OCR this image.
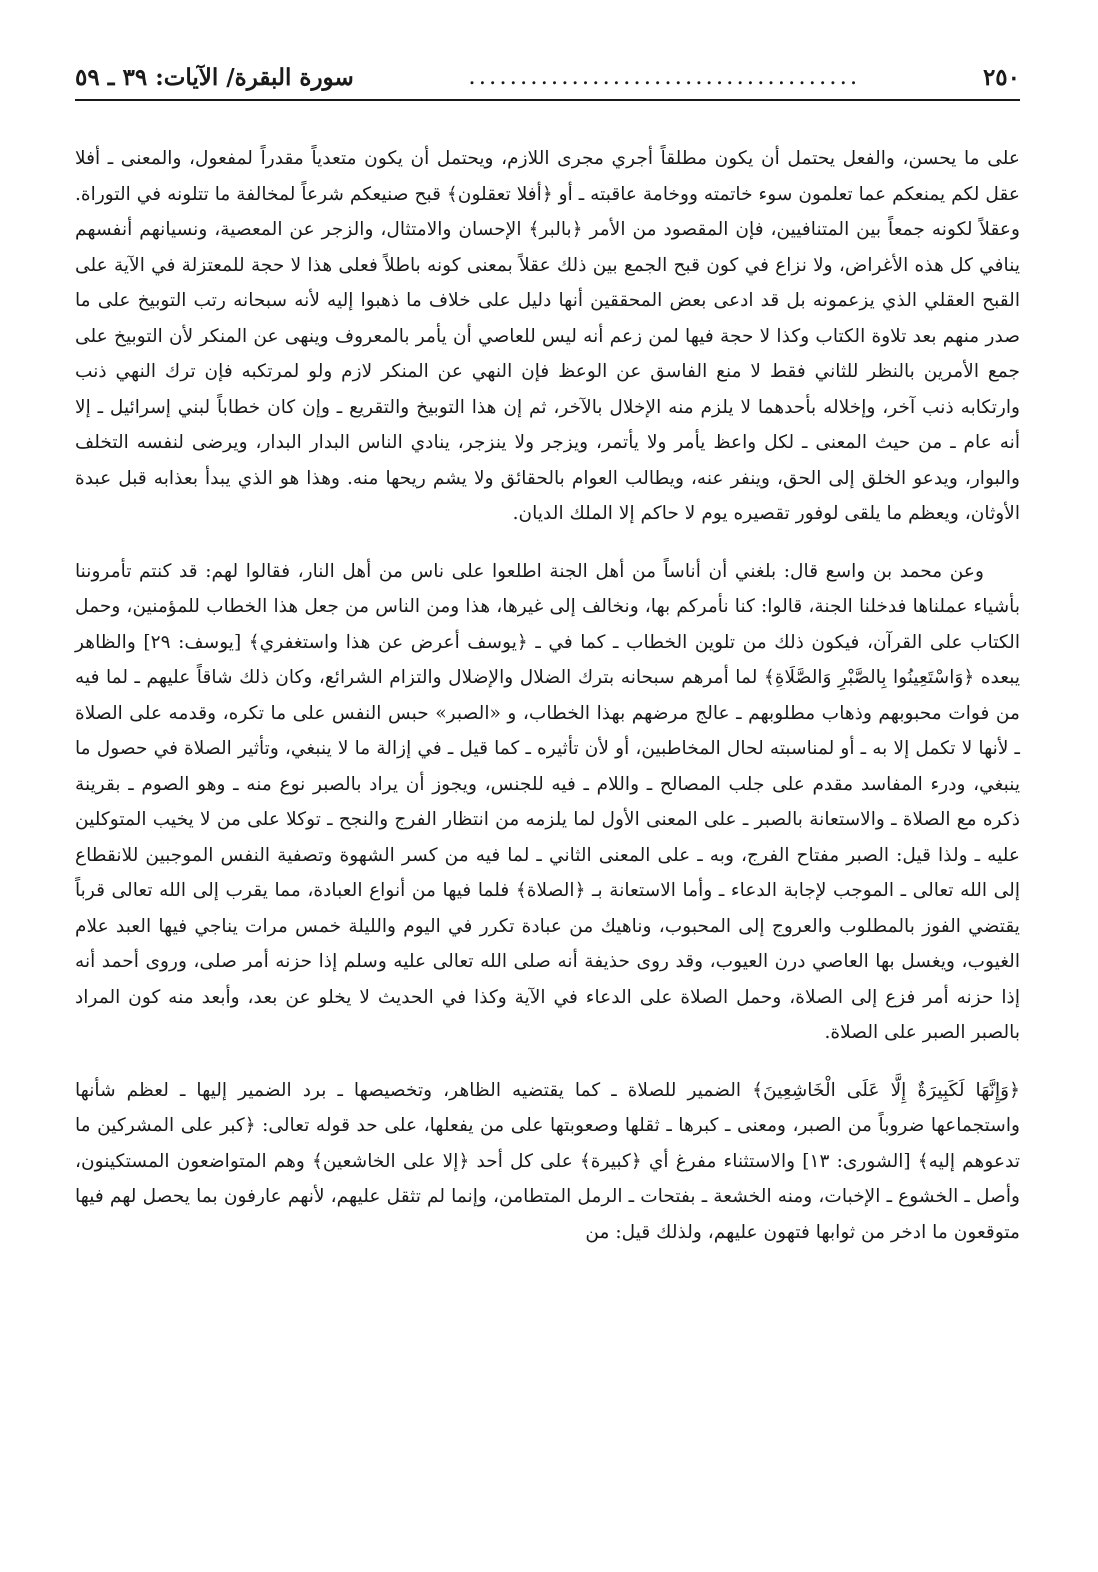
٢٥٠
......................................
سورة البقرة/ الآيات: ٣٩ ـ ٥٩

على ما يحسن، والفعل يحتمل أن يكون مطلقاً أجري مجرى اللازم، ويحتمل أن يكون متعدياً مقدراً لمفعول، والمعنى ـ أفلا عقل لكم يمنعكم عما تعلمون سوء خاتمته ووخامة عاقبته ـ أو ﴿أفلا تعقلون﴾ قبح صنيعكم شرعاً لمخالفة ما تتلونه في التوراة. وعقلاً لكونه جمعاً بين المتنافيين، فإن المقصود من الأمر ﴿بالبر﴾ الإحسان والامتثال، والزجر عن المعصية، ونسيانهم أنفسهم ينافي كل هذه الأغراض، ولا نزاع في كون قبح الجمع بين ذلك عقلاً بمعنى كونه باطلاً فعلى هذا لا حجة للمعتزلة في الآية على القبح العقلي الذي يزعمونه بل قد ادعى بعض المحققين أنها دليل على خلاف ما ذهبوا إليه لأنه سبحانه رتب التوبيخ على ما صدر منهم بعد تلاوة الكتاب وكذا لا حجة فيها لمن زعم أنه ليس للعاصي أن يأمر بالمعروف وينهى عن المنكر لأن التوبيخ على جمع الأمرين بالنظر للثاني فقط لا منع الفاسق عن الوعظ فإن النهي عن المنكر لازم ولو لمرتكبه فإن ترك النهي ذنب وارتكابه ذنب آخر، وإخلاله بأحدهما لا يلزم منه الإخلال بالآخر، ثم إن هذا التوبيخ والتقريع ـ وإن كان خطاباً لبني إسرائيل ـ إلا أنه عام ـ من حيث المعنى ـ لكل واعظ يأمر ولا يأتمر، ويزجر ولا ينزجر، ينادي الناس البدار البدار، ويرضى لنفسه التخلف والبوار، ويدعو الخلق إلى الحق، وينفر عنه، ويطالب العوام بالحقائق ولا يشم ريحها منه. وهذا هو الذي يبدأ بعذابه قبل عبدة الأوثان، ويعظم ما يلقى لوفور تقصيره يوم لا حاكم إلا الملك الديان.

وعن محمد بن واسع قال: بلغني أن أناساً من أهل الجنة اطلعوا على ناس من أهل النار، فقالوا لهم: قد كنتم تأمروننا بأشياء عملناها فدخلنا الجنة، قالوا: كنا نأمركم بها، ونخالف إلى غيرها، هذا ومن الناس من جعل هذا الخطاب للمؤمنين، وحمل الكتاب على القرآن، فيكون ذلك من تلوين الخطاب ـ كما في ـ ﴿يوسف أعرض عن هذا واستغفري﴾ [يوسف: ٢٩] والظاهر يبعده ﴿وَاسْتَعِينُوا بِالصَّبْرِ وَالصَّلَاةِ﴾ لما أمرهم سبحانه بترك الضلال والإضلال والتزام الشرائع، وكان ذلك شاقاً عليهم ـ لما فيه من فوات محبوبهم وذهاب مطلوبهم ـ عالج مرضهم بهذا الخطاب، و «الصبر» حبس النفس على ما تكره، وقدمه على الصلاة ـ لأنها لا تكمل إلا به ـ أو لمناسبته لحال المخاطبين، أو لأن تأثيره ـ كما قيل ـ في إزالة ما لا ينبغي، وتأثير الصلاة في حصول ما ينبغي، ودرء المفاسد مقدم على جلب المصالح ـ واللام ـ فيه للجنس، ويجوز أن يراد بالصبر نوع منه ـ وهو الصوم ـ بقرينة ذكره مع الصلاة ـ والاستعانة بالصبر ـ على المعنى الأول لما يلزمه من انتظار الفرج والنجح ـ توكلا على من لا يخيب المتوكلين عليه ـ ولذا قيل: الصبر مفتاح الفرج، وبه ـ على المعنى الثاني ـ لما فيه من كسر الشهوة وتصفية النفس الموجبين للانقطاع إلى الله تعالى ـ الموجب لإجابة الدعاء ـ وأما الاستعانة بـ ﴿الصلاة﴾ فلما فيها من أنواع العبادة، مما يقرب إلى الله تعالى قرباً يقتضي الفوز بالمطلوب والعروج إلى المحبوب، وناهيك من عبادة تكرر في اليوم والليلة خمس مرات يناجي فيها العبد علام الغيوب، ويغسل بها العاصي درن العيوب، وقد روى حذيفة أنه صلى الله تعالى عليه وسلم إذا حزنه أمر صلى، وروى أحمد أنه إذا حزنه أمر فزع إلى الصلاة، وحمل الصلاة على الدعاء في الآية وكذا في الحديث لا يخلو عن بعد، وأبعد منه كون المراد بالصبر الصبر على الصلاة.

﴿وَإِنَّهَا لَكَبِيرَةٌ إِلَّا عَلَى الْخَاشِعِينَ﴾ الضمير للصلاة ـ كما يقتضيه الظاهر، وتخصيصها ـ برد الضمير إليها ـ لعظم شأنها واستجماعها ضروباً من الصبر، ومعنى ـ كبرها ـ ثقلها وصعوبتها على من يفعلها، على حد قوله تعالى: ﴿كبر على المشركين ما تدعوهم إليه﴾ [الشورى: ١٣] والاستثناء مفرغ أي ﴿كبيرة﴾ على كل أحد ﴿إلا على الخاشعين﴾ وهم المتواضعون المستكينون، وأصل ـ الخشوع ـ الإخبات، ومنه الخشعة ـ بفتحات ـ الرمل المتطامن، وإنما لم تثقل عليهم، لأنهم عارفون بما يحصل لهم فيها متوقعون ما ادخر من ثوابها فتهون عليهم، ولذلك قيل: من
